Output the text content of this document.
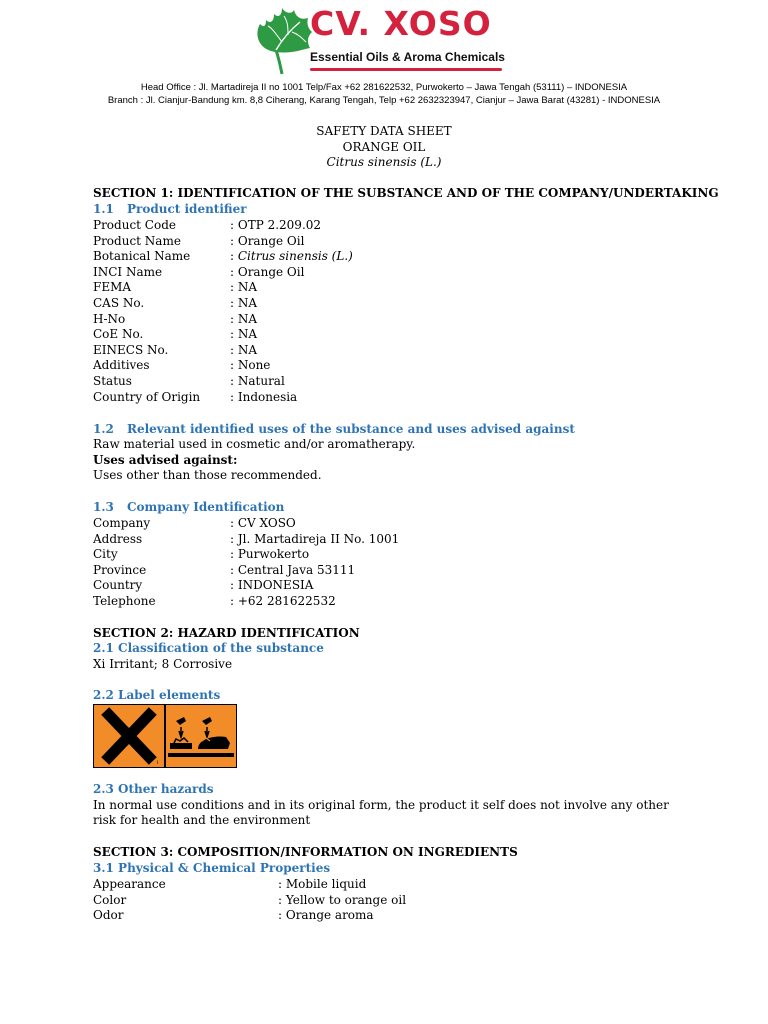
CV. XOSO
Essential Oils & Aroma Chemicals
Head Office : Jl. Martadireja II no 1001 Telp/Fax +62 281622532, Purwokerto – Jawa Tengah (53111) – INDONESIA
Branch : Jl. Cianjur-Bandung km. 8,8 Ciherang, Karang Tengah, Telp +62 2632323947, Cianjur – Jawa Barat (43281) - INDONESIA
SAFETY DATA SHEET
ORANGE OIL
Citrus sinensis (L.)
SECTION 1: IDENTIFICATION OF THE SUBSTANCE AND OF THE COMPANY/UNDERTAKING
1.1 Product identifier
Product Code	: OTP 2.209.02
Product Name	: Orange Oil
Botanical Name	: Citrus sinensis (L.)
INCI Name	: Orange Oil
FEMA	: NA
CAS No.	: NA
H-No	: NA
CoE No.	: NA
EINECS No.	: NA
Additives	: None
Status	: Natural
Country of Origin : Indonesia
1.2 Relevant identified uses of the substance and uses advised against
Raw material used in cosmetic and/or aromatherapy.
Uses advised against:
Uses other than those recommended.
1.3 Company Identification
Company	: CV XOSO
Address	: Jl. Martadireja II No. 1001
City	: Purwokerto
Province	: Central Java 53111
Country	: INDONESIA
Telephone	: +62 281622532
SECTION 2: HAZARD IDENTIFICATION
2.1 Classification of the substance
Xi Irritant; 8 Corrosive
2.2 Label elements
i
2.3 Other hazards
In normal use conditions and in its original form, the product it self does not involve any other
risk for health and the environment
SECTION 3: COMPOSITION/INFORMATION ON INGREDIENTS
3.1 Physical & Chemical Properties
Appearance	: Mobile liquid
Color	: Yellow to orange oil
Odor	: Orange aroma
